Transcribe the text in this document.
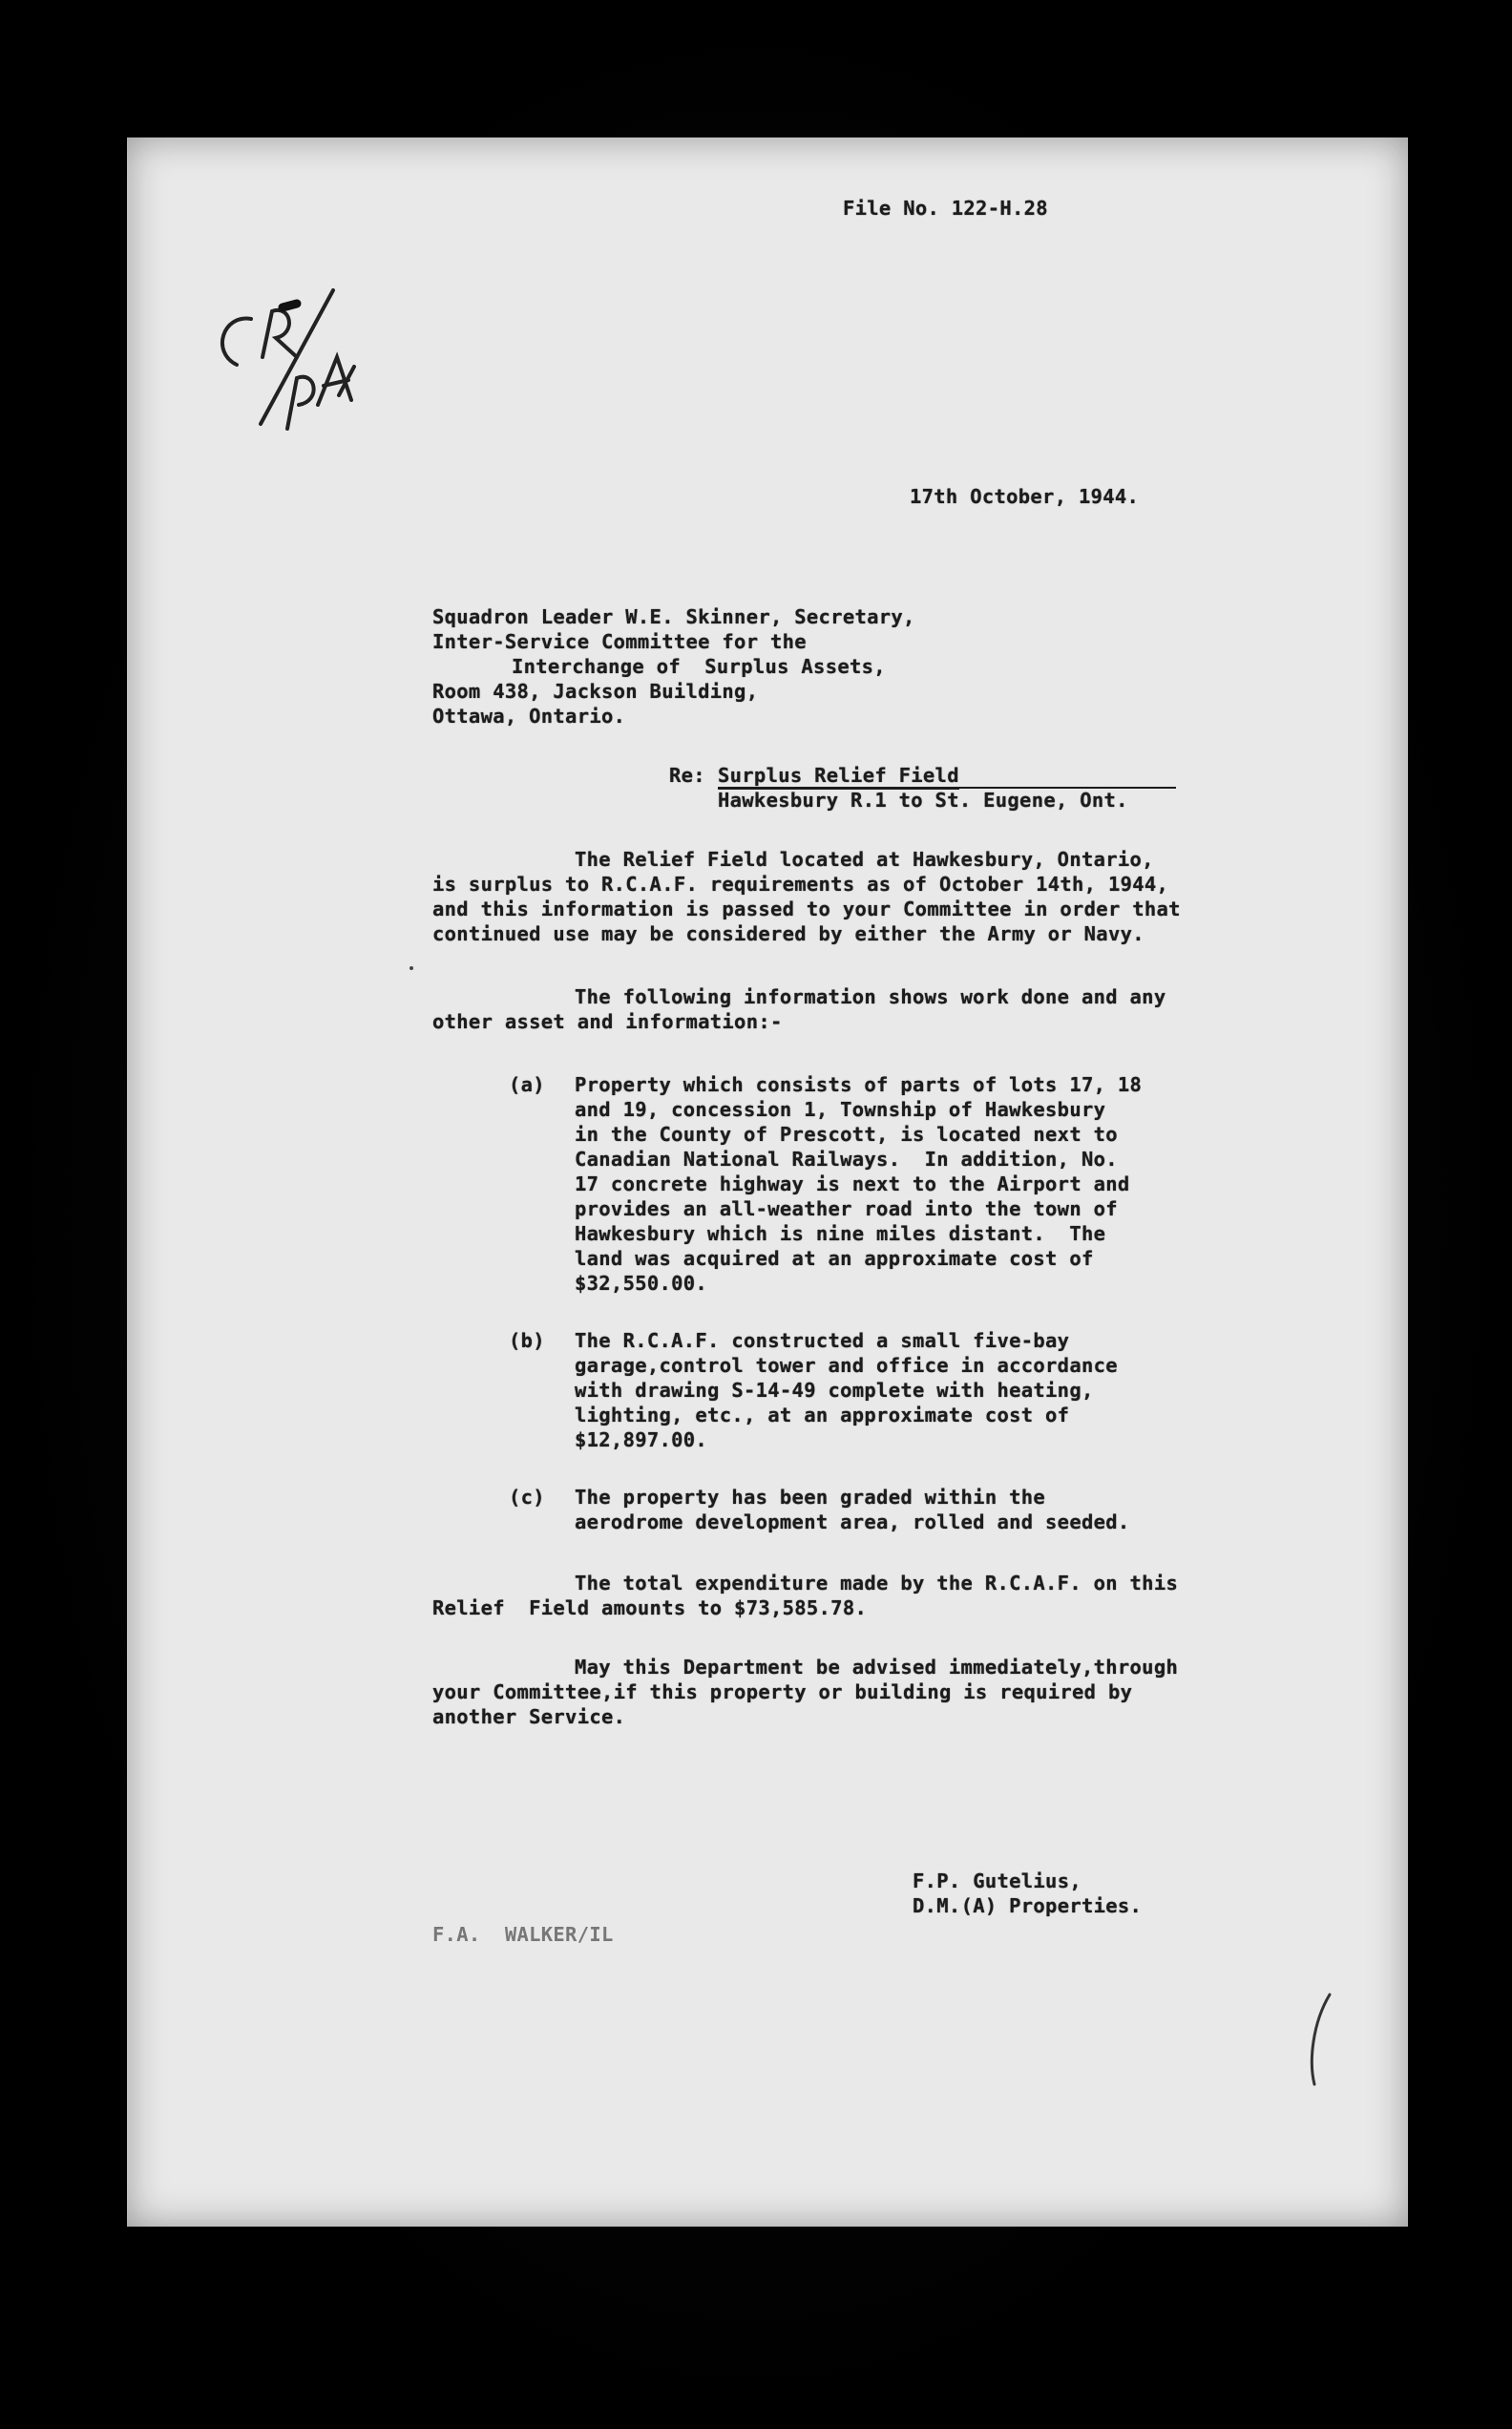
File No. 122-H.28
17th October, 1944.
Squadron Leader W.E. Skinner, Secretary,
Inter-Service Committee for the
Interchange of  Surplus Assets,
Room 438, Jackson Building,
Ottawa, Ontario.
Re: Surplus Relief Field
Hawkesbury R.1 to St. Eugene, Ont.
The Relief Field located at Hawkesbury, Ontario,
is surplus to R.C.A.F. requirements as of October 14th, 1944,
and this information is passed to your Committee in order that
continued use may be considered by either the Army or Navy.
The following information shows work done and any
other asset and information:-
(a) Property which consists of parts of lots 17, 18
and 19, concession 1, Township of Hawkesbury
in the County of Prescott, is located next to
Canadian National Railways.  In addition, No.
17 concrete highway is next to the Airport and
provides an all-weather road into the town of
Hawkesbury which is nine miles distant.  The
land was acquired at an approximate cost of
$32,550.00.
(b) The R.C.A.F. constructed a small five-bay
garage,control tower and office in accordance
with drawing S-14-49 complete with heating,
lighting, etc., at an approximate cost of
$12,897.00.
(c) The property has been graded within the
aerodrome development area, rolled and seeded.
The total expenditure made by the R.C.A.F. on this
Relief  Field amounts to $73,585.78.
May this Department be advised immediately,through
your Committee,if this property or building is required by
another Service.
F.P. Gutelius,
D.M.(A) Properties.
F.A.  WALKER/IL
